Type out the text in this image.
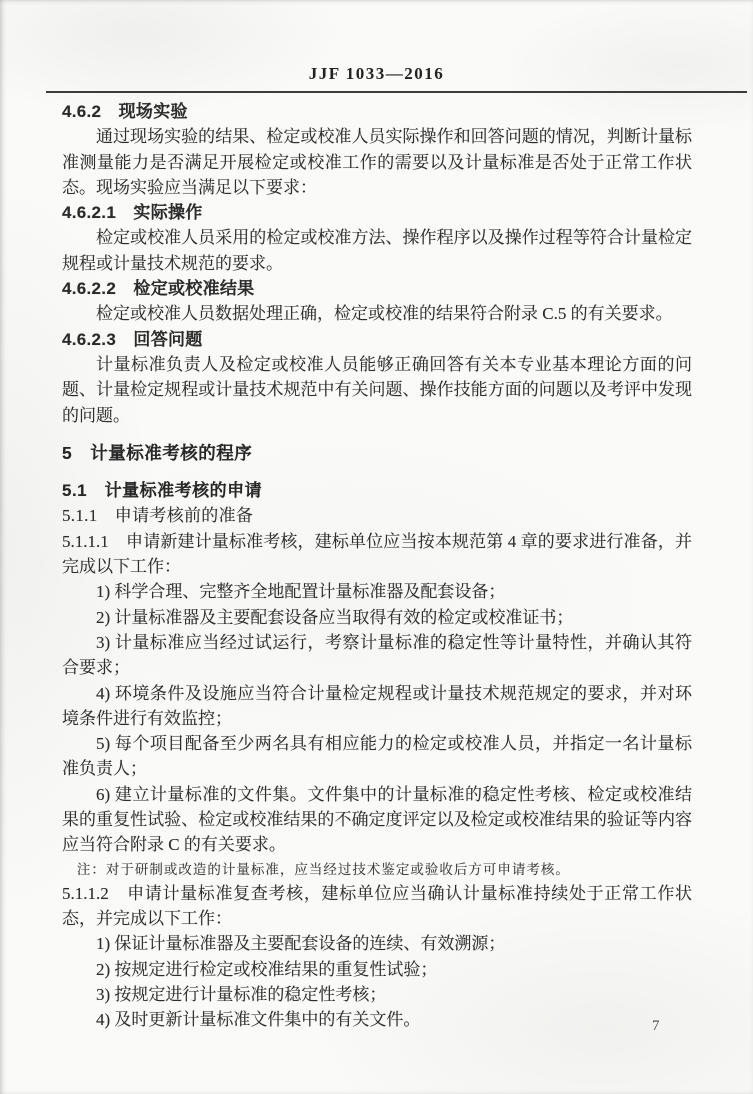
JJF 1033—2016
4.6.2　现场实验
通过现场实验的结果、检定或校准人员实际操作和回答问题的情况，判断计量标准测量能力是否满足开展检定或校准工作的需要以及计量标准是否处于正常工作状态。现场实验应当满足以下要求：
4.6.2.1　实际操作
检定或校准人员采用的检定或校准方法、操作程序以及操作过程等符合计量检定规程或计量技术规范的要求。
4.6.2.2　检定或校准结果
检定或校准人员数据处理正确，检定或校准的结果符合附录 C.5 的有关要求。
4.6.2.3　回答问题
计量标准负责人及检定或校准人员能够正确回答有关本专业基本理论方面的问题、计量检定规程或计量技术规范中有关问题、操作技能方面的问题以及考评中发现的问题。
5　计量标准考核的程序
5.1　计量标准考核的申请
5.1.1　申请考核前的准备
5.1.1.1　申请新建计量标准考核，建标单位应当按本规范第 4 章的要求进行准备，并完成以下工作：
1) 科学合理、完整齐全地配置计量标准器及配套设备；
2) 计量标准器及主要配套设备应当取得有效的检定或校准证书；
3) 计量标准应当经过试运行，考察计量标准的稳定性等计量特性，并确认其符合要求；
4) 环境条件及设施应当符合计量检定规程或计量技术规范规定的要求，并对环境条件进行有效监控；
5) 每个项目配备至少两名具有相应能力的检定或校准人员，并指定一名计量标准负责人；
6) 建立计量标准的文件集。文件集中的计量标准的稳定性考核、检定或校准结果的重复性试验、检定或校准结果的不确定度评定以及检定或校准结果的验证等内容应当符合附录 C 的有关要求。
注：对于研制或改造的计量标准，应当经过技术鉴定或验收后方可申请考核。
5.1.1.2　申请计量标准复查考核，建标单位应当确认计量标准持续处于正常工作状态，并完成以下工作：
1) 保证计量标准器及主要配套设备的连续、有效溯源；
2) 按规定进行检定或校准结果的重复性试验；
3) 按规定进行计量标准的稳定性考核；
4) 及时更新计量标准文件集中的有关文件。	7
